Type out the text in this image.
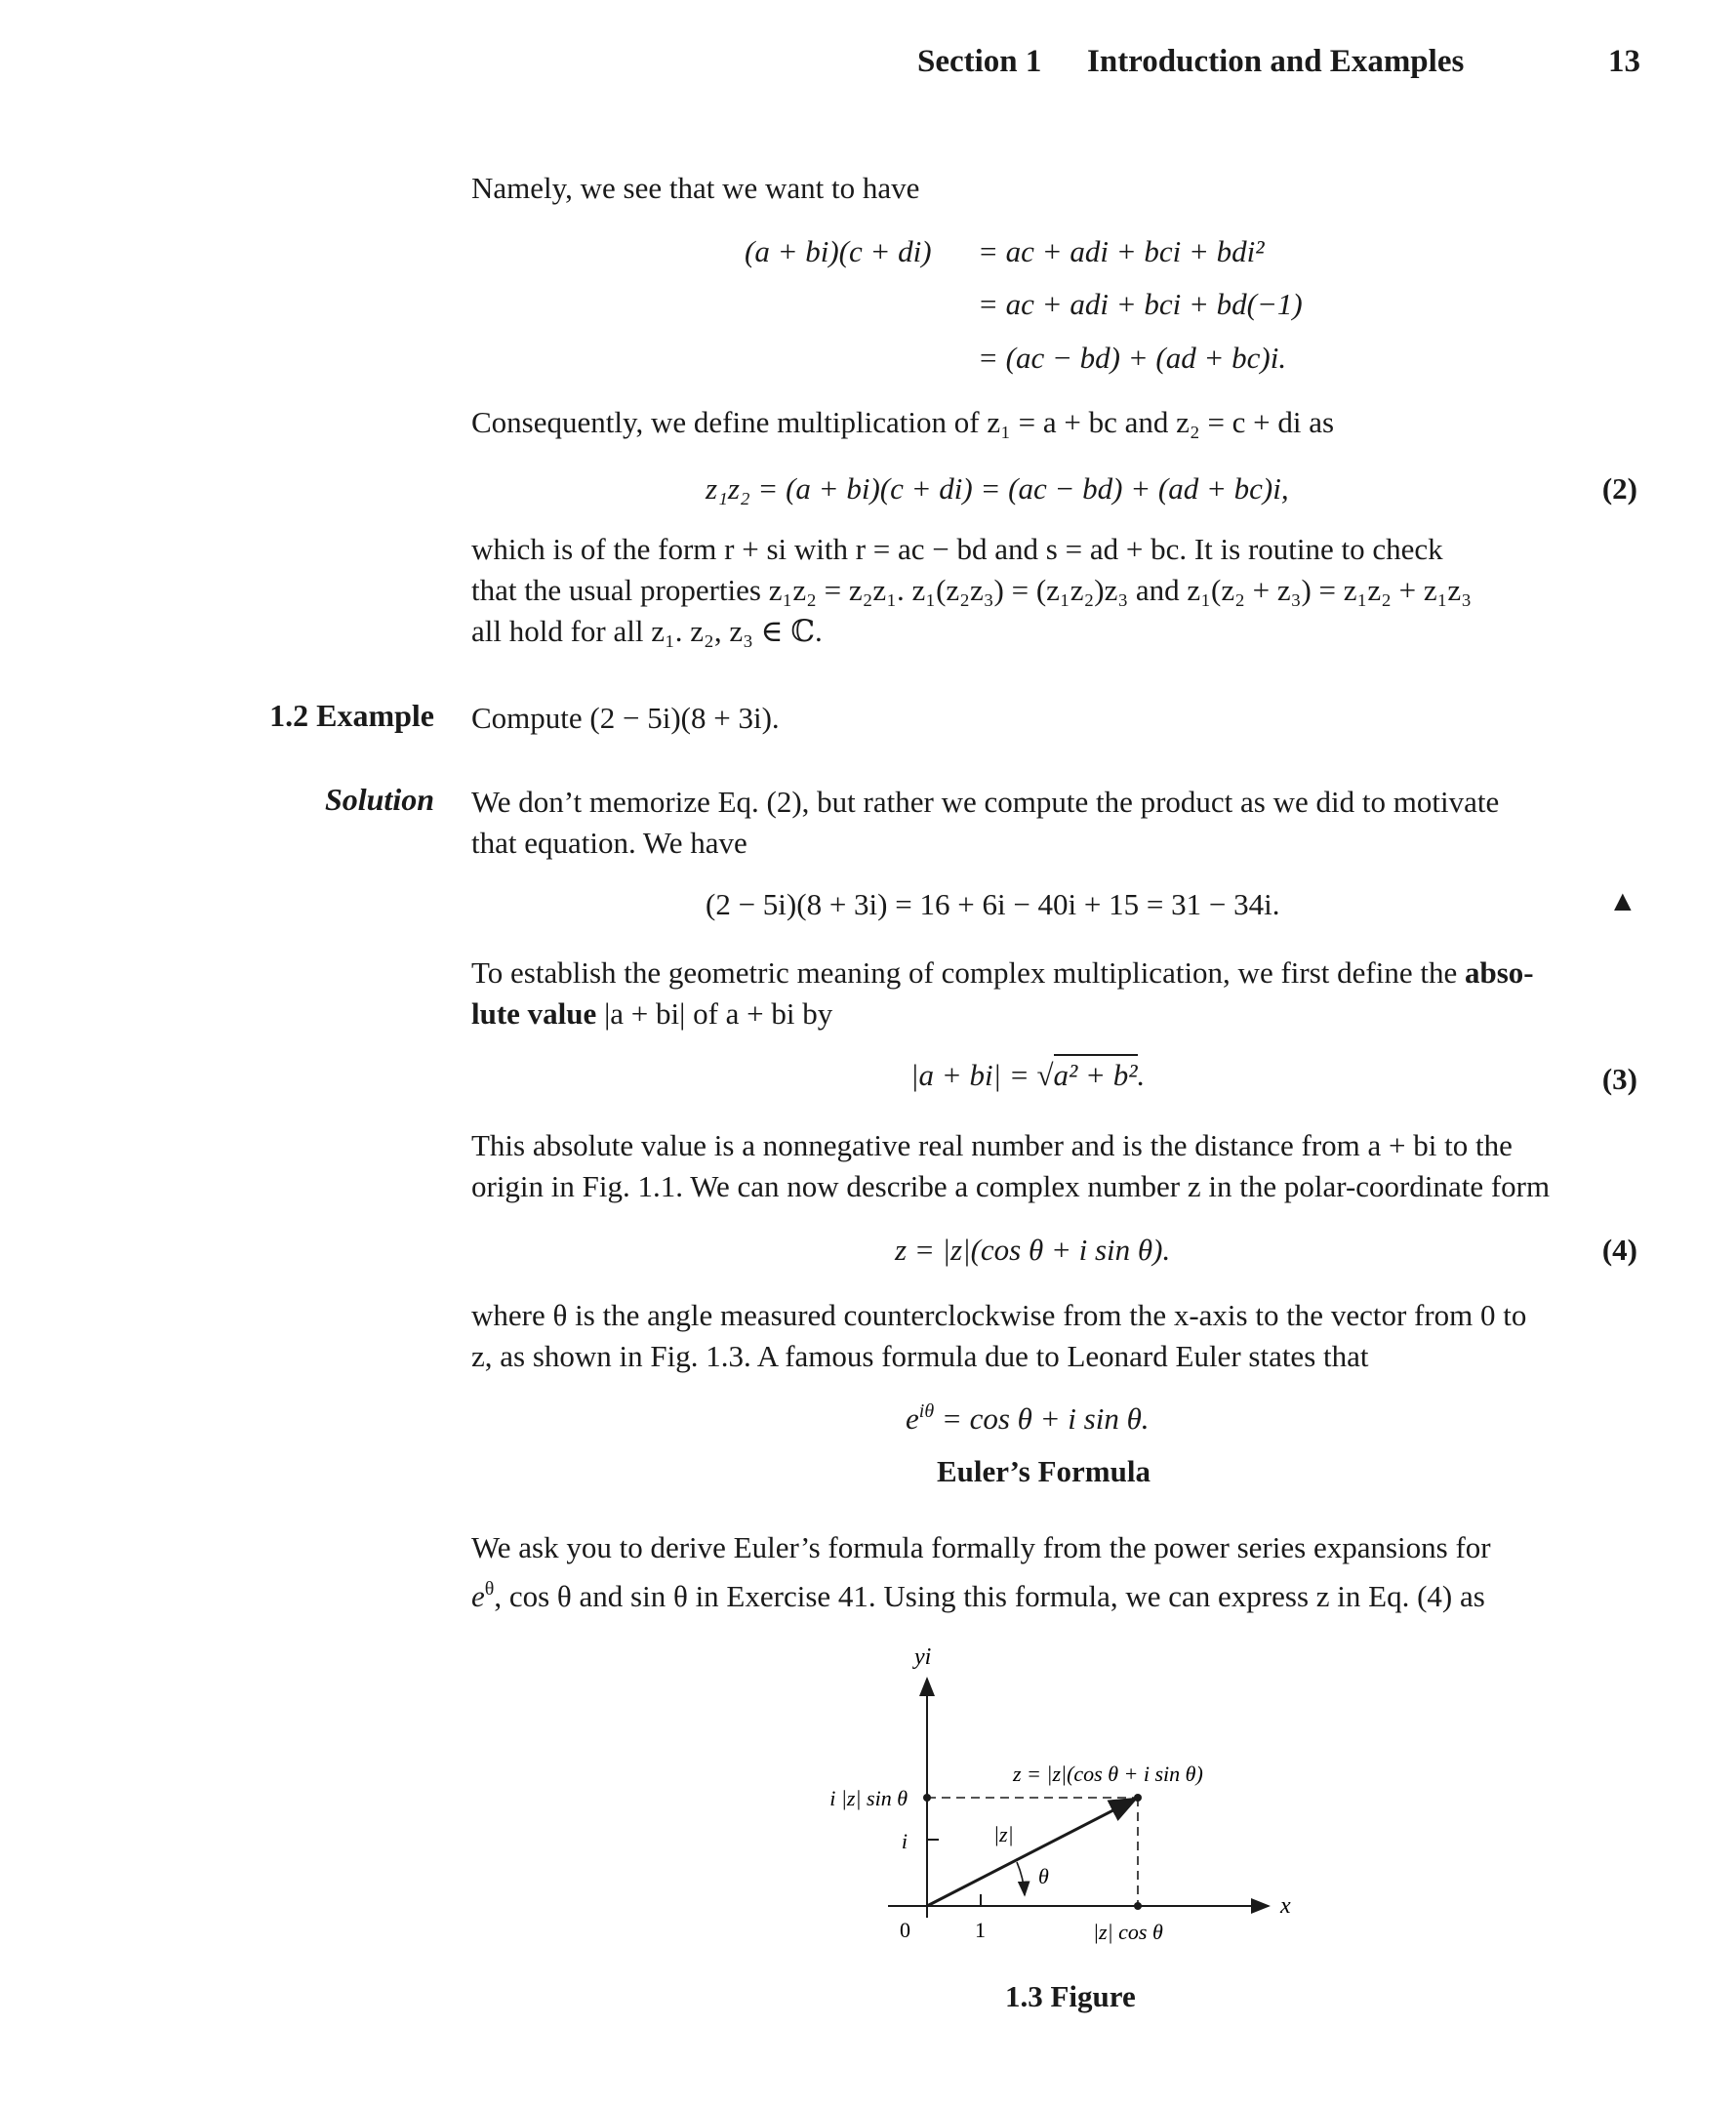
Section 1 Introduction and Examples	13
Namely, we see that we want to have
(a + bi)(c + di) = ac + adi + bci + bdi²
= ac + adi + bci + bd(−1)
= (ac − bd) + (ad + bc)i.
Consequently, we define multiplication of z₁ = a + bc and z₂ = c + di as
z₁z₂ = (a + bi)(c + di) = (ac − bd) + (ad + bc)i,	(2)
which is of the form r + si with r = ac − bd and s = ad + bc. It is routine to check
that the usual properties z₁z₂ = z₂z₁. z₁(z₂z₃) = (z₁z₂)z₃ and z₁(z₂ + z₃) = z₁z₂ + z₁z₃
all hold for all z₁. z₂, z₃ ∈ ℂ.
1.2 Example Compute (2 − 5i)(8 + 3i).
Solution We don’t memorize Eq. (2), but rather we compute the product as we did to motivate
that equation. We have
(2 − 5i)(8 + 3i) = 16 + 6i − 40i + 15 = 31 − 34i.	▲
To establish the geometric meaning of complex multiplication, we first define the abso-
lute value |a + bi| of a + bi by
|a + bi| = √a² + b².	(3)
This absolute value is a nonnegative real number and is the distance from a + bi to the
origin in Fig. 1.1. We can now describe a complex number z in the polar-coordinate form
z = |z|(cos θ + i sin θ).	(4)
where θ is the angle measured counterclockwise from the x-axis to the vector from 0 to
z, as shown in Fig. 1.3. A famous formula due to Leonard Euler states that
$e^{i\theta} = \cos \theta + i$ sin θ.
Euler’s Formula
We ask you to derive Euler’s formula formally from the power series expansions for
$e^\theta$, cos θ and sin θ in Exercise 41. Using this formula, we can express z in Eq. (4) as
yi
x
z = |z|(cos θ + i sin θ)
i |z| sin θ
i	|z|
θ
0	1	|z| cos θ
1.3 Figure
